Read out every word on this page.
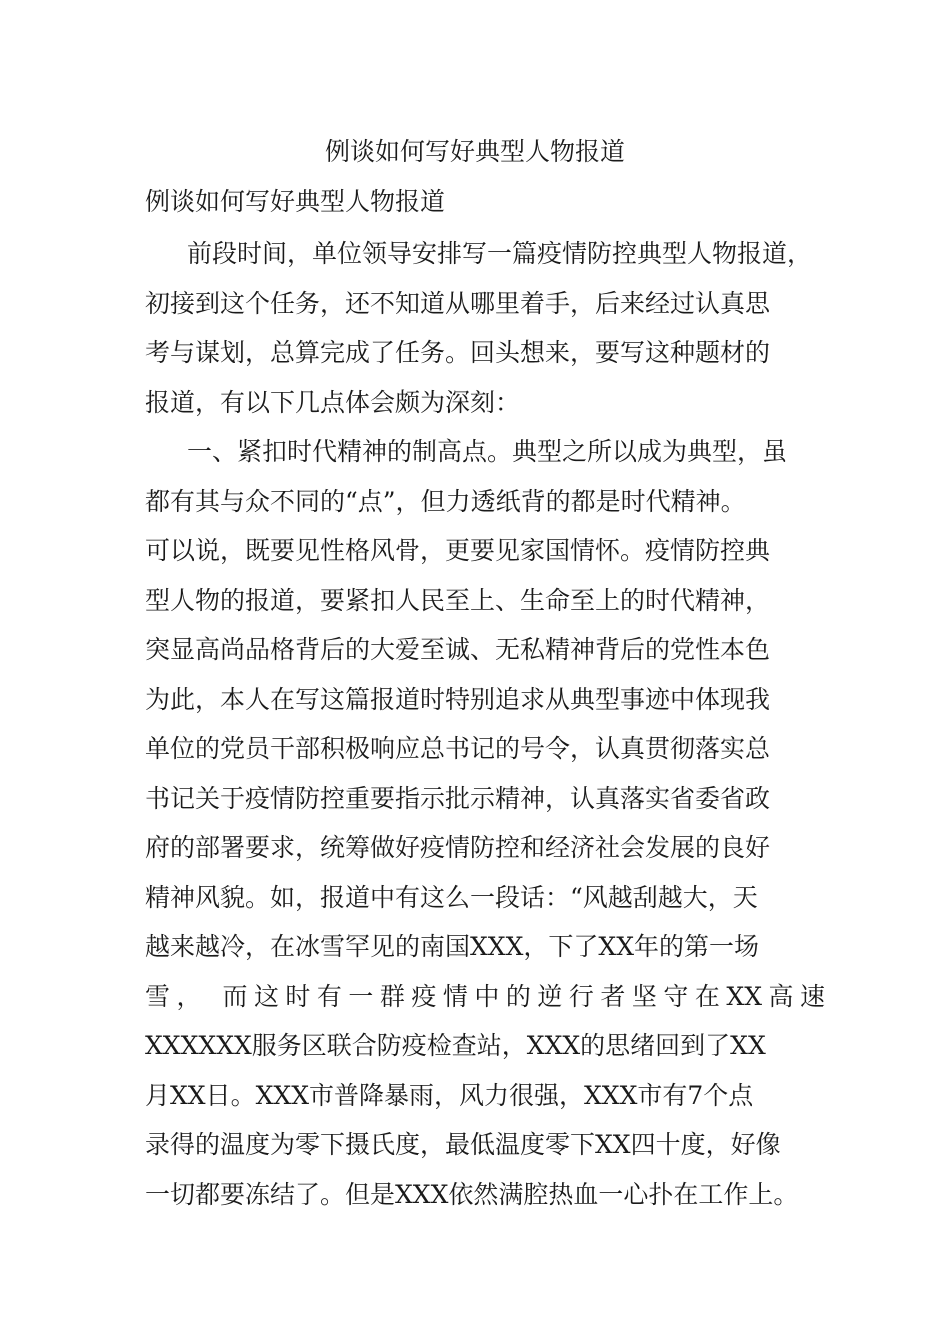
例谈如何写好典型人物报道
例谈如何写好典型人物报道
前段时间，单位领导安排写一篇疫情防控典型人物报道，
初接到这个任务，还不知道从哪里着手，后来经过认真思
考与谋划，总算完成了任务。回头想来，要写这种题材的
报道，有以下几点体会颇为深刻：
一、紧扣时代精神的制高点。典型之所以成为典型，虽
都有其与众不同的“点”，但力透纸背的都是时代精神。
可以说，既要见性格风骨，更要见家国情怀。疫情防控典
型人物的报道，要紧扣人民至上、生命至上的时代精神，
突显高尚品格背后的大爱至诚、无私精神背后的党性本色
为此，本人在写这篇报道时特别追求从典型事迹中体现我
单位的党员干部积极响应总书记的号令，认真贯彻落实总
书记关于疫情防控重要指示批示精神，认真落实省委省政
府的部署要求，统筹做好疫情防控和经济社会发展的良好
精神风貌。如，报道中有这么一段话：“风越刮越大，天
越来越冷，在冰雪罕见的南国XXX，下了XX年的第一场
雪， 而这时有一群疫情中的逆行者坚守在XX高速
XXXXXX服务区联合防疫检查站，XXX的思绪回到了XX
月XX日。XXX市普降暴雨，风力很强，XXX市有7个点
录得的温度为零下摄氏度，最低温度零下XX四十度，好像
一切都要冻结了。但是XXX依然满腔热血一心扑在工作上。
